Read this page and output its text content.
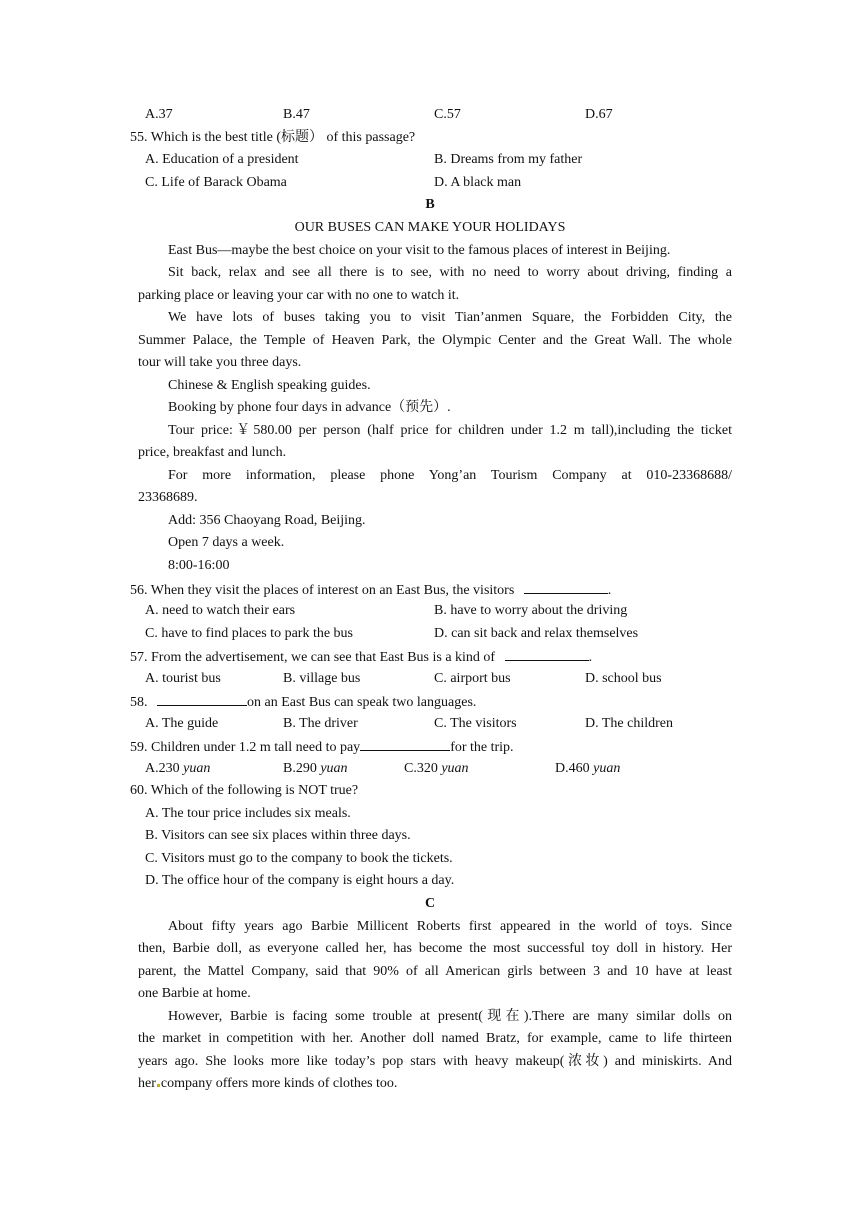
A.37	B.47	C.57	D.67
55. Which is the best title (标题） of this passage?
A. Education of a president	B. Dreams from my father
C. Life of Barack Obama	D. A black man
B
OUR BUSES CAN MAKE YOUR HOLIDAYS
East Bus—maybe the best choice on your visit to the famous places of interest in Beijing.
Sit back, relax and see all there is to see, with no need to worry about driving, finding a
parking place or leaving your car with no one to watch it.
We have lots of buses taking you to visit Tian’anmen Square, the Forbidden City, the
Summer Palace, the Temple of Heaven Park, the Olympic Center and the Great Wall. The whole
tour will take you three days.
Chinese & English speaking guides.
Booking by phone four days in advance（预先）.
Tour price:￥580.00 per person (half price for children under 1.2 m tall),including the ticket
price, breakfast and lunch.
For more information, please phone Yong’an Tourism Company at 010-23368688/
23368689.
Add: 356 Chaoyang Road, Beijing.
Open 7 days a week.
8:00-16:00
56. When they visit the places of interest on an East Bus, the visitors	.
A. need to watch their ears	B. have to worry about the driving
C. have to find places to park the bus	D. can sit back and relax themselves
57. From the advertisement, we can see that East Bus is a kind of	.
A. tourist bus	B. village bus	C. airport bus	D. school bus
58.	on an East Bus can speak two languages.
A. The guide	B. The driver	C. The visitors	D. The children
59. Children under 1.2 m tall need to pay	for the trip.
A.230 yuan	B.290 yuan	C.320 yuan	D.460 yuan
60. Which of the following is NOT true?
A. The tour price includes six meals.
B. Visitors can see six places within three days.
C. Visitors must go to the company to book the tickets.
D. The office hour of the company is eight hours a day.
C
About fifty years ago Barbie Millicent Roberts first appeared in the world of toys. Since
then, Barbie doll, as everyone called her, has become the most successful toy doll in history. Her
parent, the Mattel Company, said that 90% of all American girls between 3 and 10 have at least
one Barbie at home.
However, Barbie is facing some trouble at present(现在).There are many similar dolls on
the market in competition with her. Another doll named Bratz, for example, came to life thirteen
years ago. She looks more like today’s pop stars with heavy makeup(浓妆) and miniskirts. And
her company offers more kinds of clothes too.
